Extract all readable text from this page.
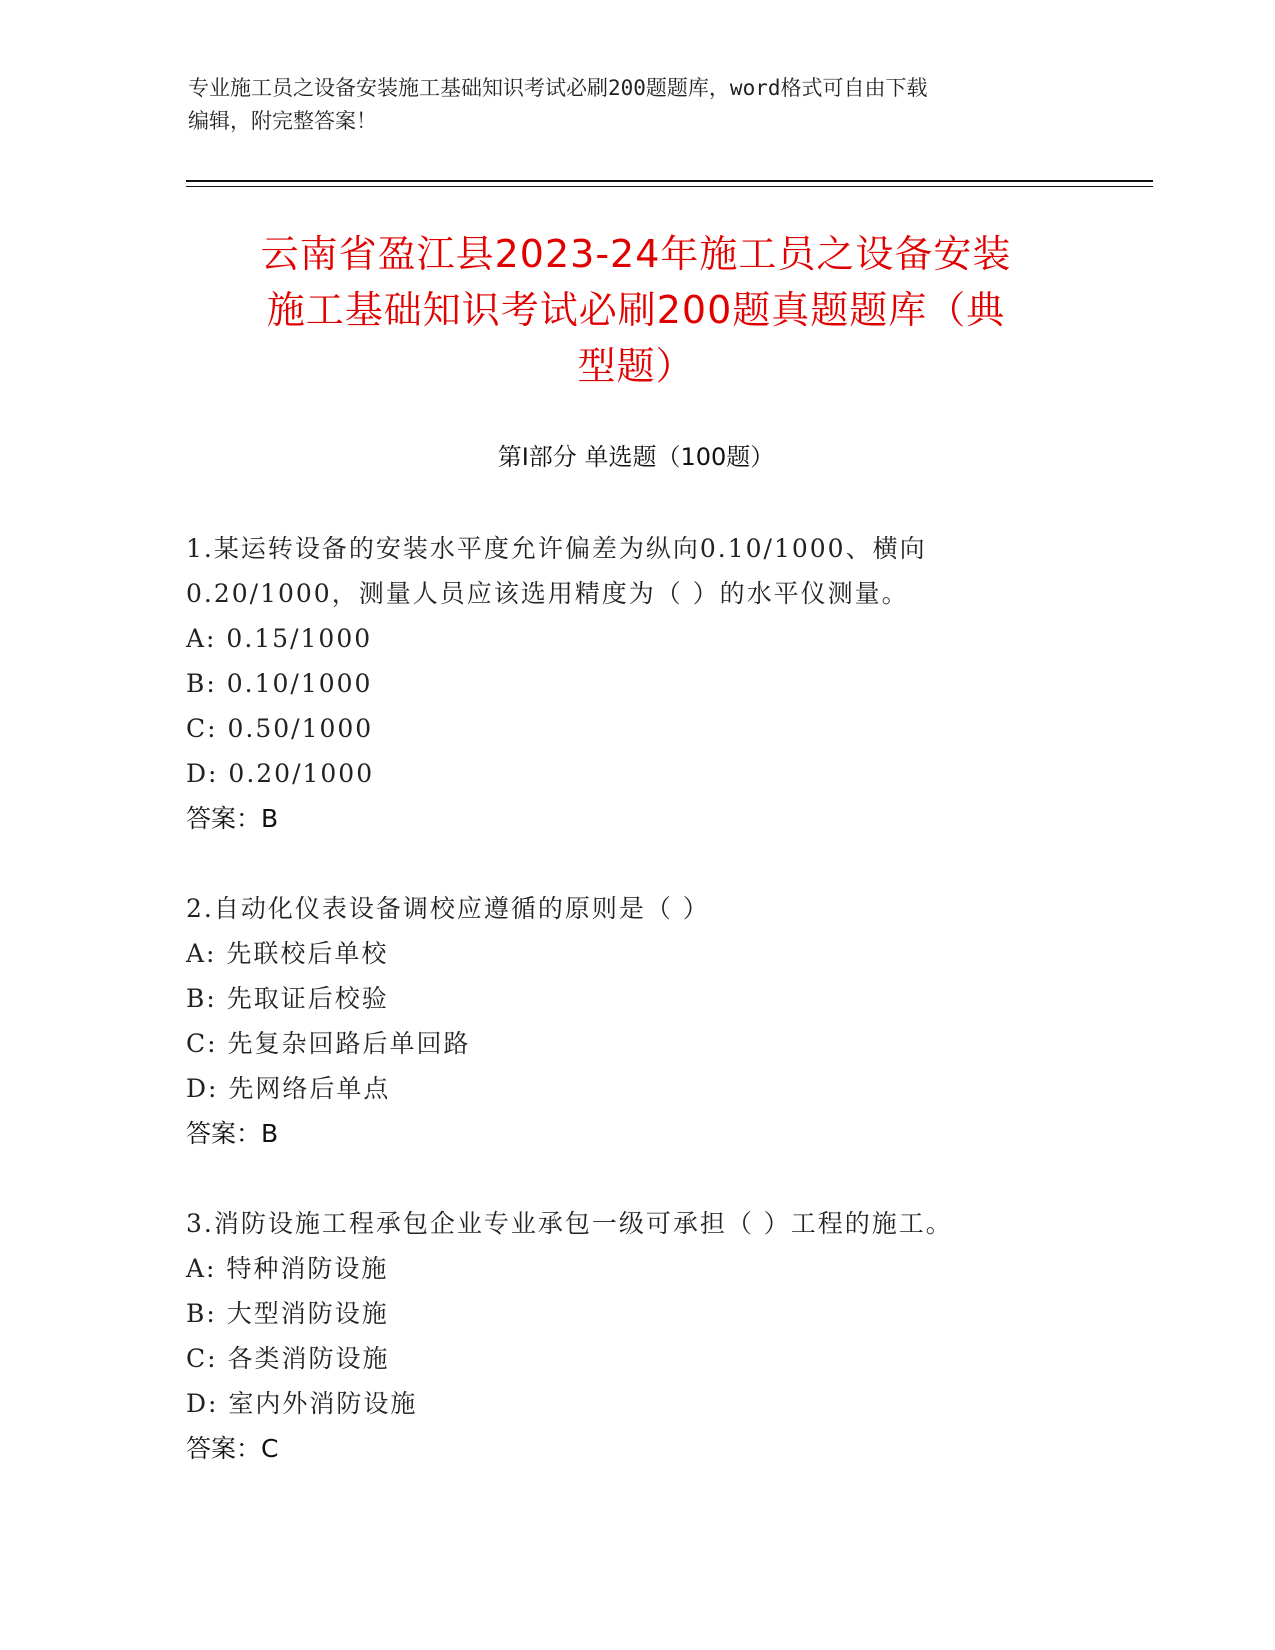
专业施工员之设备安装施工基础知识考试必刷200题题库，word格式可自由下载
编辑，附完整答案！
云南省盈江县2023-24年施工员之设备安装
施工基础知识考试必刷200题真题题库（典
型题）
第Ⅰ部分 单选题（100题）
1.某运转设备的安装水平度允许偏差为纵向0.10/1000、横向
0.20/1000，测量人员应该选用精度为（ ）的水平仪测量。
A: 0.15/1000
B: 0.10/1000
C: 0.50/1000
D: 0.20/1000
答案：B
2.自动化仪表设备调校应遵循的原则是（ ）
A: 先联校后单校
B: 先取证后校验
C: 先复杂回路后单回路
D: 先网络后单点
答案：B
3.消防设施工程承包企业专业承包一级可承担（ ）工程的施工。
A: 特种消防设施
B: 大型消防设施
C: 各类消防设施
D: 室内外消防设施
答案：C
